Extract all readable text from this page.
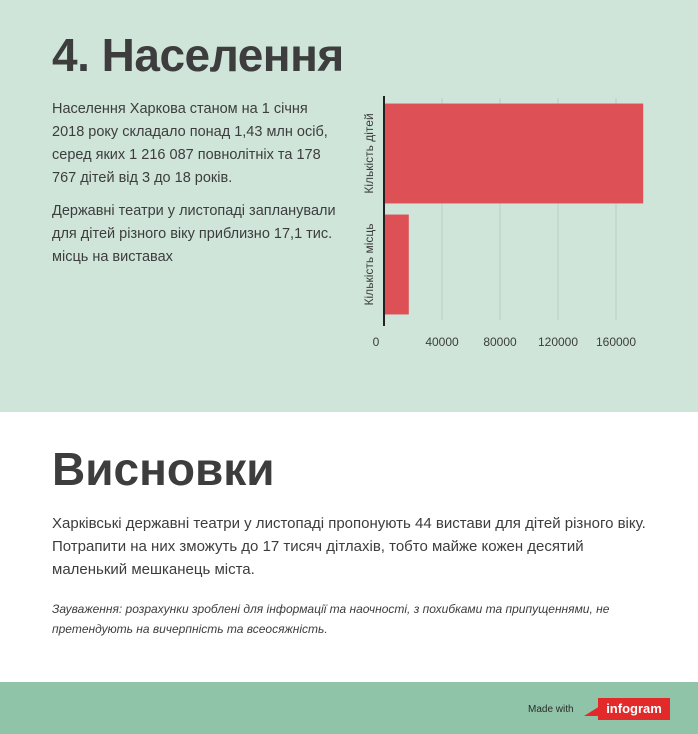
4. Населення
Населення Харкова станом на 1 січня 2018 року складало понад 1,43 млн осіб, серед яких 1 216 087 повнолітніх та 178 767 дітей від 3 до 18 років.
Державні театри у листопаді запланували для дітей різного віку приблизно 17,1 тис. місць на виставах
Кількість дітей
Кількість місць
0	40000 80000 120000 160000
Висновки
Харківські державні театри у листопаді пропонують 44 вистави для дітей різного віку. Потрапити на них зможуть до 17 тисяч дітлахів, тобто майже кожен десятий маленький мешканець міста.
Зауваження: розрахунки зроблені для інформації та наочності, з похибками та припущеннями, не претендують на вичерпність та всеосяжність.
Made with	infogram
